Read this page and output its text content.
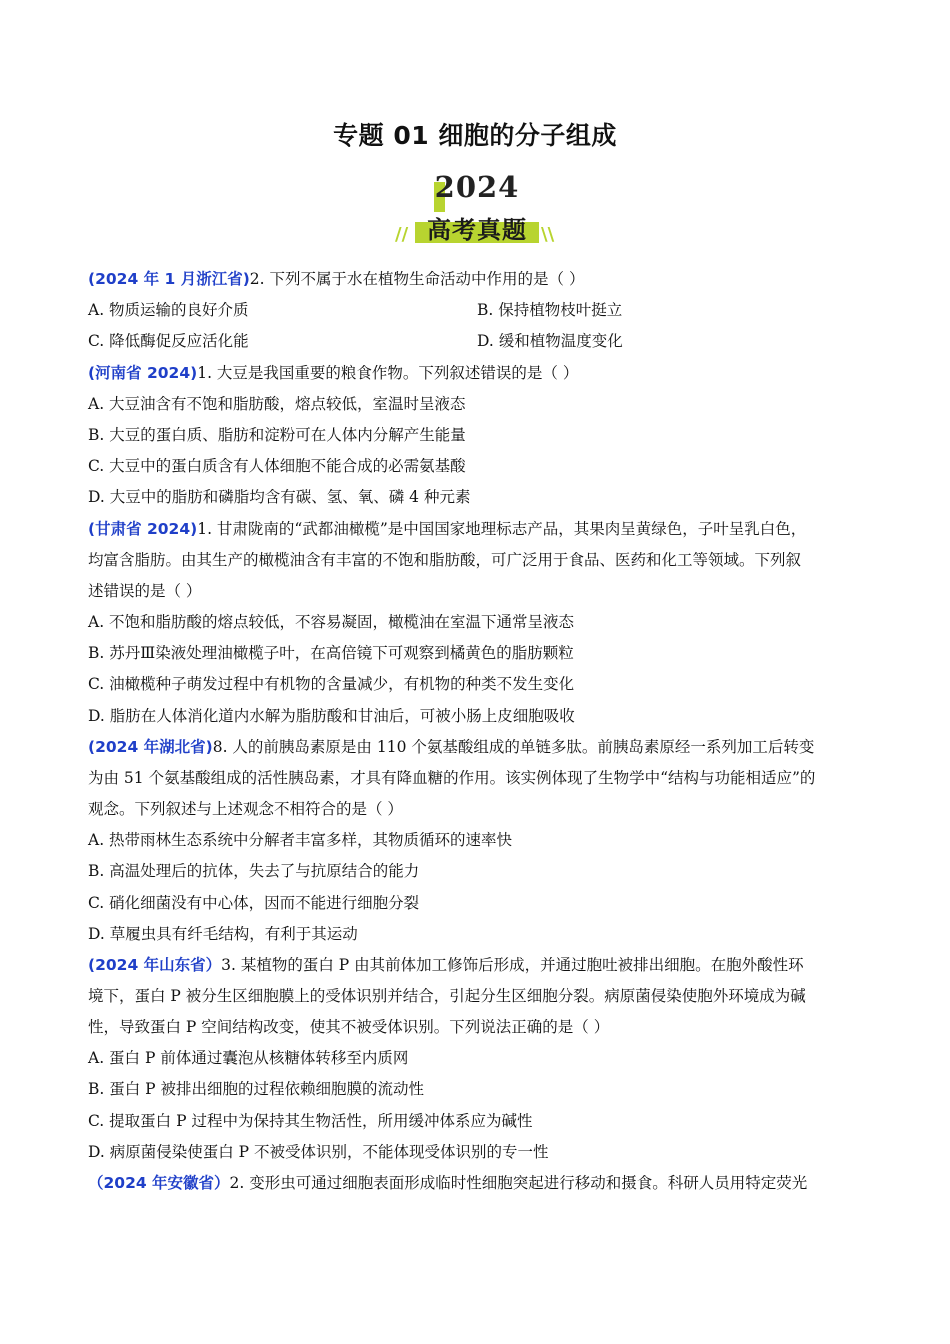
专题 01 细胞的分子组成
2024
高考真题
//	\\

(2024 年 1 月浙江省)2. 下列不属于水在植物生命活动中作用的是（ ）

A. 物质运输的良好介质	B. 保持植物枝叶挺立

C. 降低酶促反应活化能	D. 缓和植物温度变化

(河南省 2024)1. 大豆是我国重要的粮食作物。下列叙述错误的是（ ）

A. 大豆油含有不饱和脂肪酸，熔点较低，室温时呈液态

B. 大豆的蛋白质、脂肪和淀粉可在人体内分解产生能量

C. 大豆中的蛋白质含有人体细胞不能合成的必需氨基酸

D. 大豆中的脂肪和磷脂均含有碳、氢、氧、磷 4 种元素

(甘肃省 2024)1. 甘肃陇南的“武都油橄榄”是中国国家地理标志产品，其果肉呈黄绿色，子叶呈乳白色，

均富含脂肪。由其生产的橄榄油含有丰富的不饱和脂肪酸，可广泛用于食品、医药和化工等领域。下列叙

述错误的是（ ）

A. 不饱和脂肪酸的熔点较低，不容易凝固，橄榄油在室温下通常呈液态

B. 苏丹Ⅲ染液处理油橄榄子叶，在高倍镜下可观察到橘黄色的脂肪颗粒

C. 油橄榄种子萌发过程中有机物的含量减少，有机物的种类不发生变化

D. 脂肪在人体消化道内水解为脂肪酸和甘油后，可被小肠上皮细胞吸收

(2024 年湖北省)8. 人的前胰岛素原是由 110 个氨基酸组成的单链多肽。前胰岛素原经一系列加工后转变

为由 51 个氨基酸组成的活性胰岛素，才具有降血糖的作用。该实例体现了生物学中“结构与功能相适应”的

观念。下列叙述与上述观念不相符合的是（ ）

A. 热带雨林生态系统中分解者丰富多样，其物质循环的速率快

B. 高温处理后的抗体，失去了与抗原结合的能力

C. 硝化细菌没有中心体，因而不能进行细胞分裂

D. 草履虫具有纤毛结构，有利于其运动

(2024 年山东省）3. 某植物的蛋白 P 由其前体加工修饰后形成，并通过胞吐被排出细胞。在胞外酸性环

境下，蛋白 P 被分生区细胞膜上的受体识别并结合，引起分生区细胞分裂。病原菌侵染使胞外环境成为碱

性，导致蛋白 P 空间结构改变，使其不被受体识别。下列说法正确的是（ ）

A. 蛋白 P 前体通过囊泡从核糖体转移至内质网

B. 蛋白 P 被排出细胞的过程依赖细胞膜的流动性

C. 提取蛋白 P 过程中为保持其生物活性，所用缓冲体系应为碱性

D. 病原菌侵染使蛋白 P 不被受体识别，不能体现受体识别的专一性

（2024 年安徽省）2. 变形虫可通过细胞表面形成临时性细胞突起进行移动和摄食。科研人员用特定荧光
